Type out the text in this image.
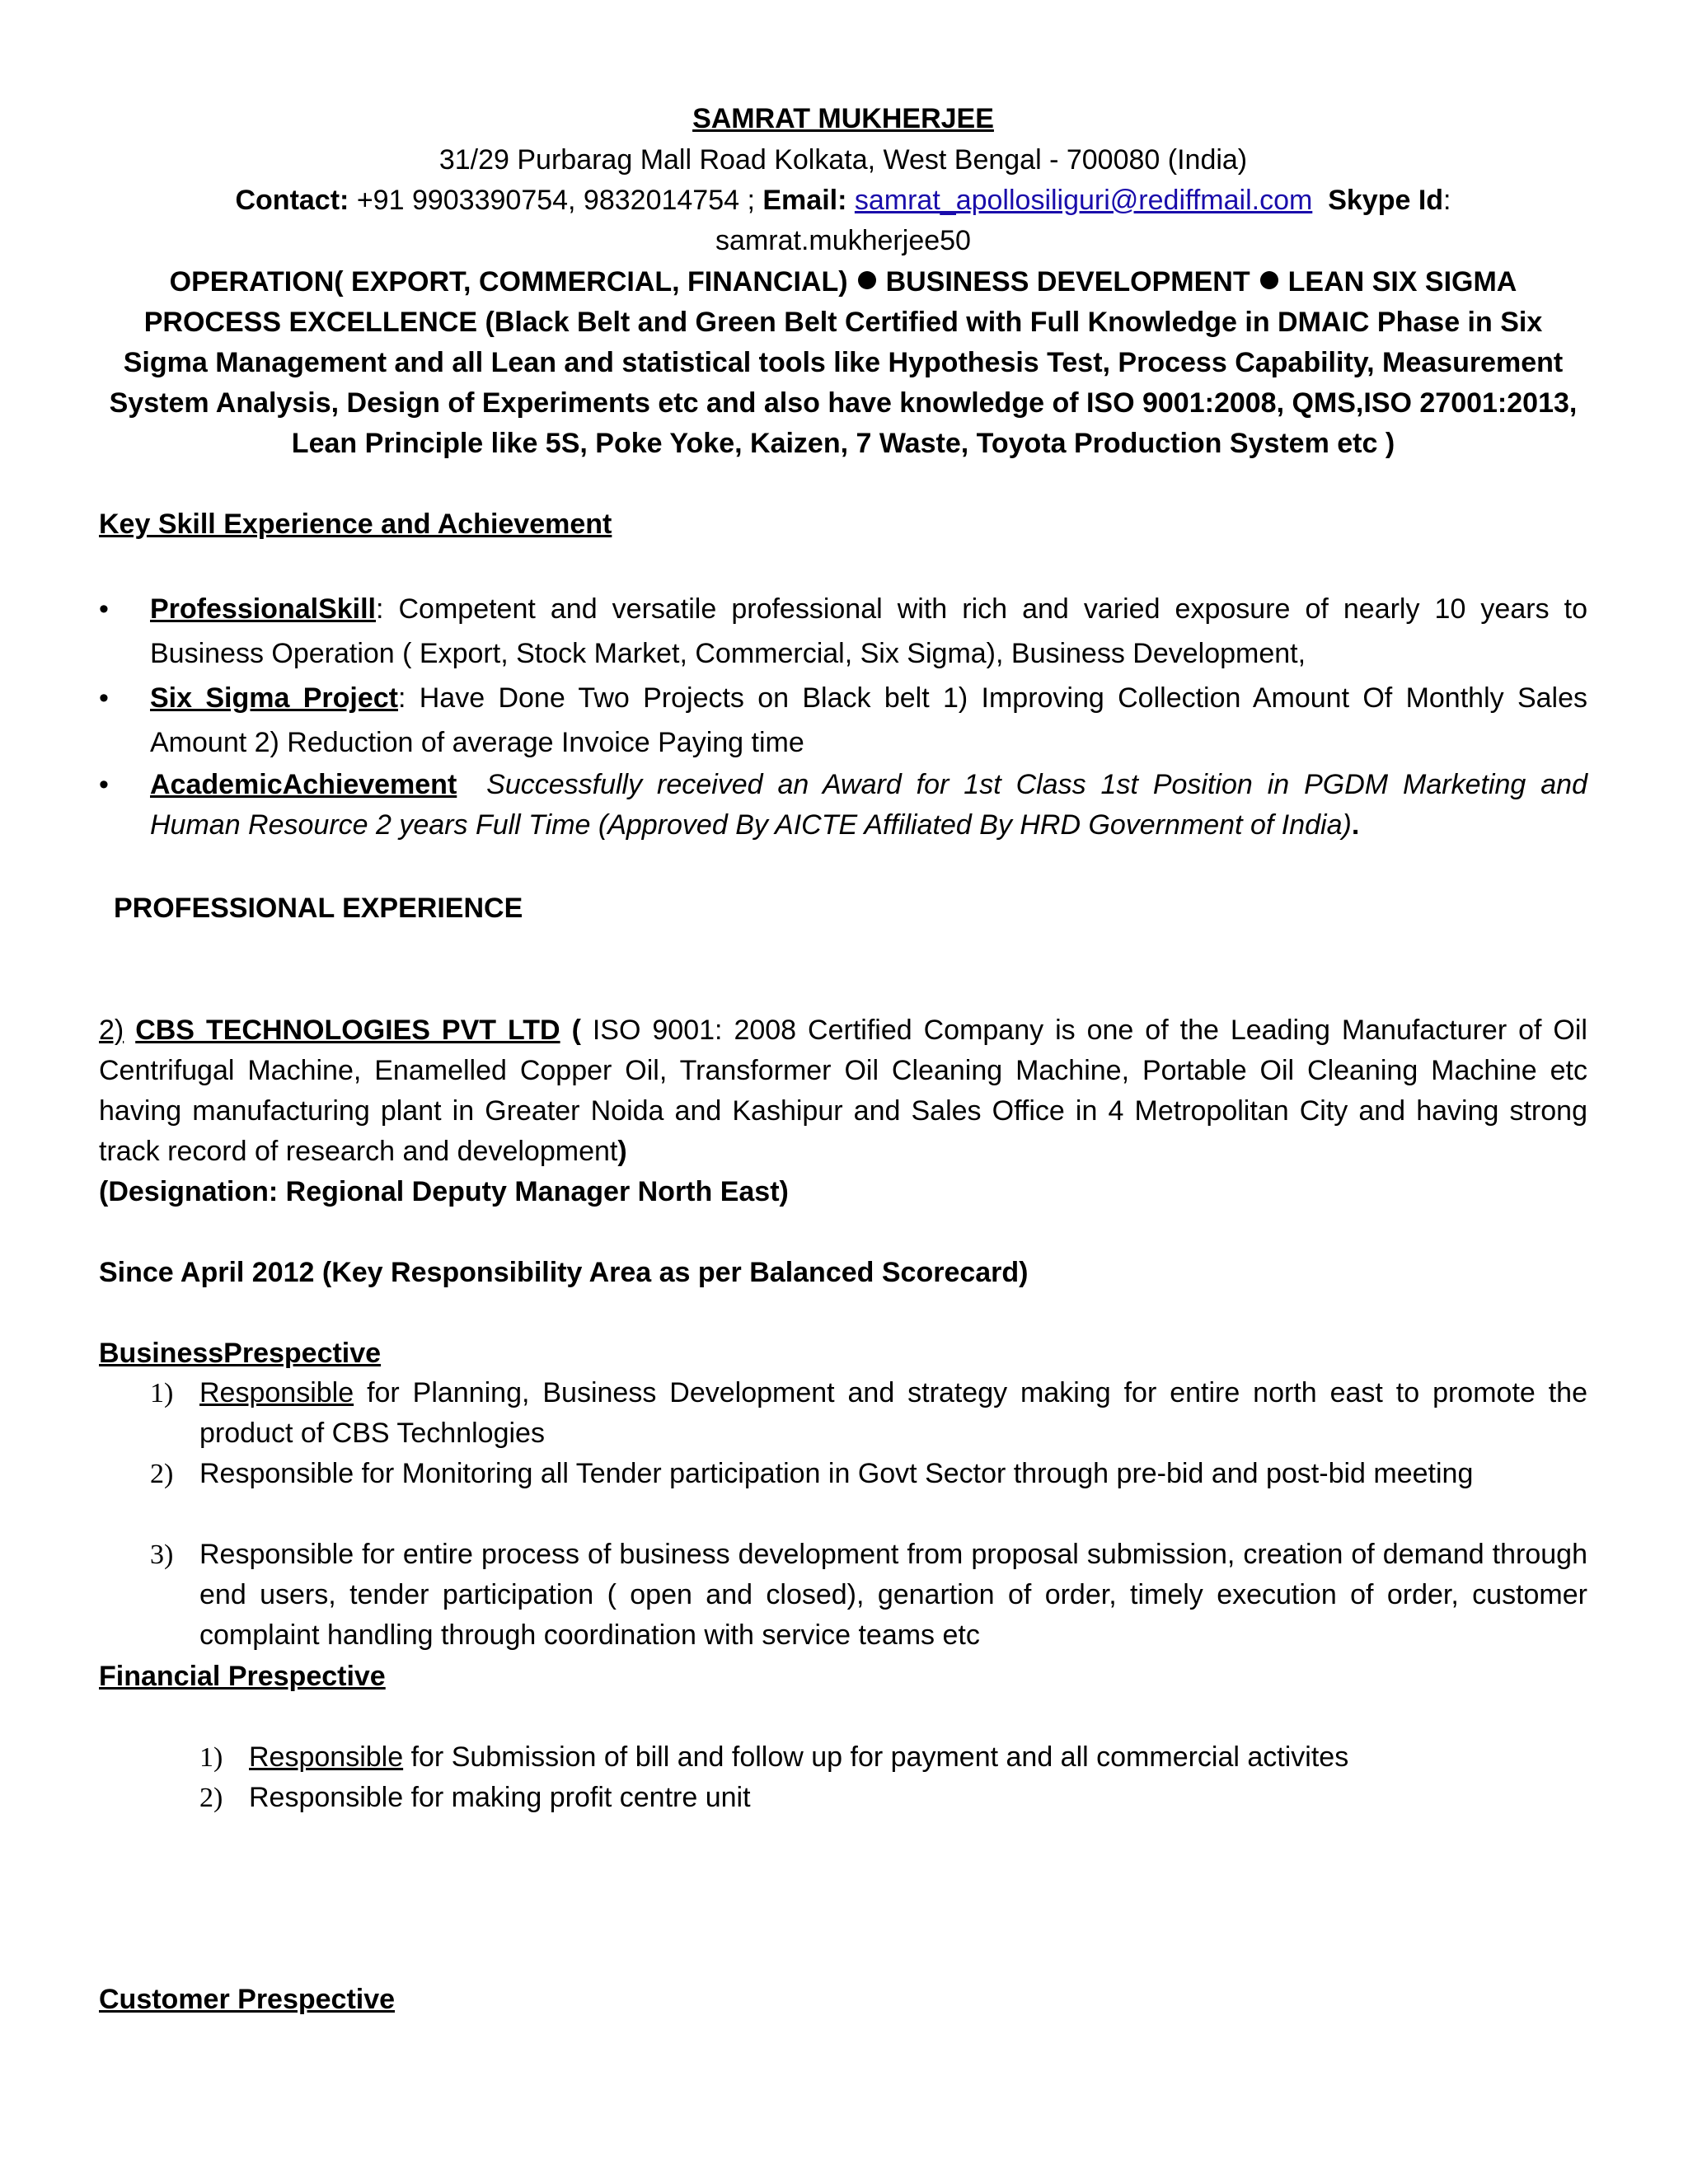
SAMRAT MUKHERJEE
31/29 Purbarag Mall Road Kolkata, West Bengal - 700080 (India)
Contact: +91 9903390754, 9832014754 ; Email: samrat_apollosiliguri@rediffmail.com Skype Id:
samrat.mukherjee50
OPERATION( EXPORT, COMMERCIAL, FINANCIAL) BUSINESS DEVELOPMENT LEAN SIX SIGMA PROCESS EXCELLENCE (Black Belt and Green Belt Certified with Full Knowledge in DMAIC Phase in Six Sigma Management and all Lean and statistical tools like Hypothesis Test, Process Capability, Measurement System Analysis, Design of Experiments etc and also have knowledge of ISO 9001:2008, QMS,ISO 27001:2013, Lean Principle like 5S, Poke Yoke, Kaizen, 7 Waste, Toyota Production System etc )
Key Skill Experience and Achievement
• ProfessionalSkill: Competent and versatile professional with rich and varied exposure of nearly 10 years to Business Operation ( Export, Stock Market, Commercial, Six Sigma), Business Development,
• Six Sigma Project: Have Done Two Projects on Black belt 1) Improving Collection Amount Of Monthly Sales Amount 2) Reduction of average Invoice Paying time
• AcademicAchievement Successfully received an Award for 1st Class 1st Position in PGDM Marketing and Human Resource 2 years Full Time (Approved By AICTE Affiliated By HRD Government of India).
PROFESSIONAL EXPERIENCE
2) CBS TECHNOLOGIES PVT LTD ( ISO 9001: 2008 Certified Company is one of the Leading Manufacturer of Oil Centrifugal Machine, Enamelled Copper Oil, Transformer Oil Cleaning Machine, Portable Oil Cleaning Machine etc having manufacturing plant in Greater Noida and Kashipur and Sales Office in 4 Metropolitan City and having strong track record of research and development)
(Designation: Regional Deputy Manager North East)
Since April 2012 (Key Responsibility Area as per Balanced Scorecard)
BusinessPrespective
1) Responsible for Planning, Business Development and strategy making for entire north east to promote the product of CBS Technlogies
2) Responsible for Monitoring all Tender participation in Govt Sector through pre-bid and post-bid meeting
3) Responsible for entire process of business development from proposal submission, creation of demand through end users, tender participation ( open and closed), genartion of order, timely execution of order, customer complaint handling through coordination with service teams etc
Financial Prespective
1) Responsible for Submission of bill and follow up for payment and all commercial activites
2) Responsible for making profit centre unit
Customer Prespective
